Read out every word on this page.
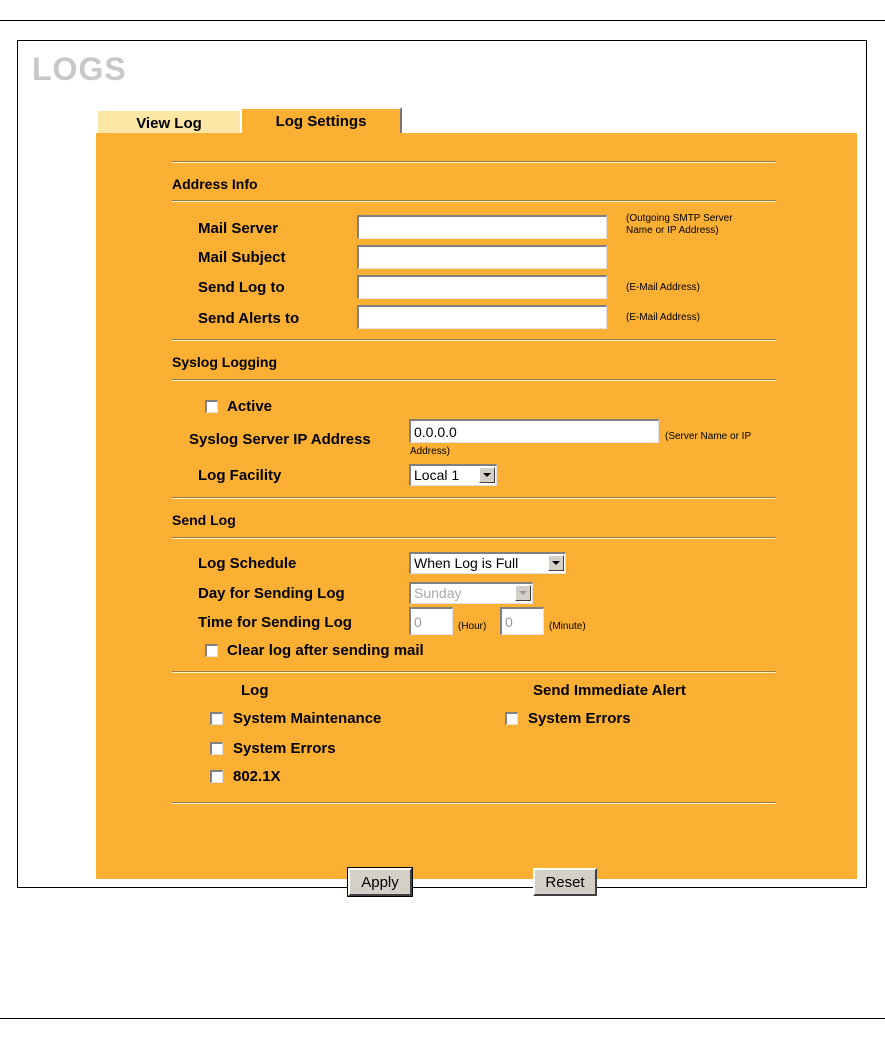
LOGS
View Log	Log Settings
Address Info
Mail Server
(Outgoing SMTP Server Name or IP Address)
Mail Subject
Send Log to	(E-Mail Address)
Send Alerts to	(E-Mail Address)
Syslog Logging
Active
Syslog Server IP Address
0.0.0.0	(Server Name or IP
Address)
Log Facility	Local 1
Send Log
Log Schedule	When Log is Full
Day for Sending Log	Sunday
Time for Sending Log
0	(Hour)
0	(Minute)
Clear log after sending mail
Log	Send Immediate Alert
System Maintenance	System Errors
System Errors
802.1X
Apply	Reset
